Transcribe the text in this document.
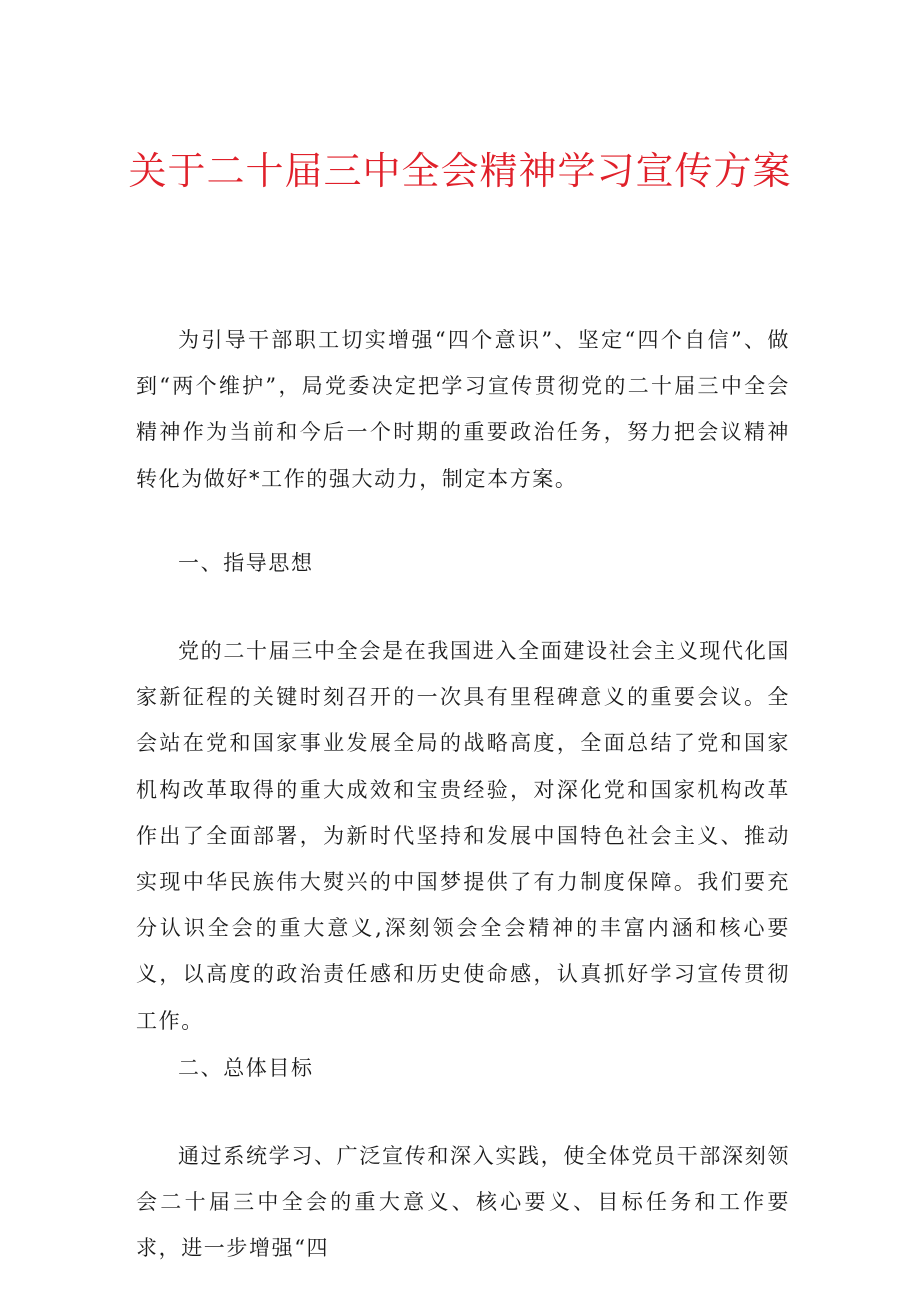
关于二十届三中全会精神学习宣传方案

为引导干部职工切实增强“四个意识”、坚定“四个自信”、做到“两个维护”，局党委决定把学习宣传贯彻党的二十届三中全会精神作为当前和今后一个时期的重要政治任务，努力把会议精神转化为做好*工作的强大动力，制定本方案。

一、指导思想

党的二十届三中全会是在我国进入全面建设社会主义现代化国家新征程的关键时刻召开的一次具有里程碑意义的重要会议。全会站在党和国家事业发展全局的战略高度，全面总结了党和国家机构改革取得的重大成效和宝贵经验，对深化党和国家机构改革作出了全面部署，为新时代坚持和发展中国特色社会主义、推动实现中华民族伟大熨兴的中国梦提供了有力制度保障。我们要充分认识全会的重大意义,深刻领会全会精神的丰富内涵和核心要义，以高度的政治责任感和历史使命感，认真抓好学习宣传贯彻工作。

二、总体目标

通过系统学习、广泛宣传和深入实践，使全体党员干部深刻领会二十届三中全会的重大意义、核心要义、目标任务和工作要求，进一步增强“四
